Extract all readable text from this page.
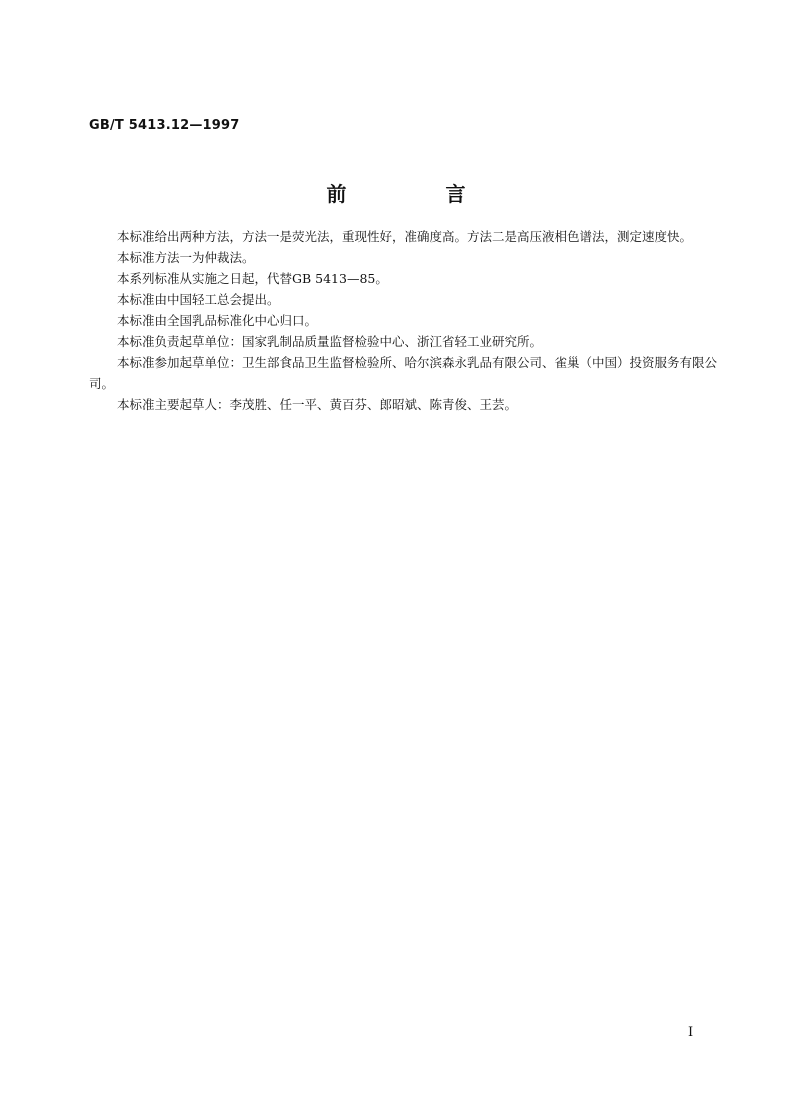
GB/T 5413.12—1997
前 言

本标准给出两种方法，方法一是荧光法，重现性好，准确度高。方法二是高压液相色谱法，测定速度快。

本标准方法一为仲裁法。

本系列标准从实施之日起，代替GB 5413—85。

本标准由中国轻工总会提出。

本标准由全国乳品标准化中心归口。

本标准负责起草单位：国家乳制品质量监督检验中心、浙江省轻工业研究所。

本标准参加起草单位：卫生部食品卫生监督检验所、哈尔滨森永乳品有限公司、雀巢（中国）投资服务有限公司。

本标准主要起草人：李茂胜、任一平、黄百芬、郎昭斌、陈青俊、王芸。

I
